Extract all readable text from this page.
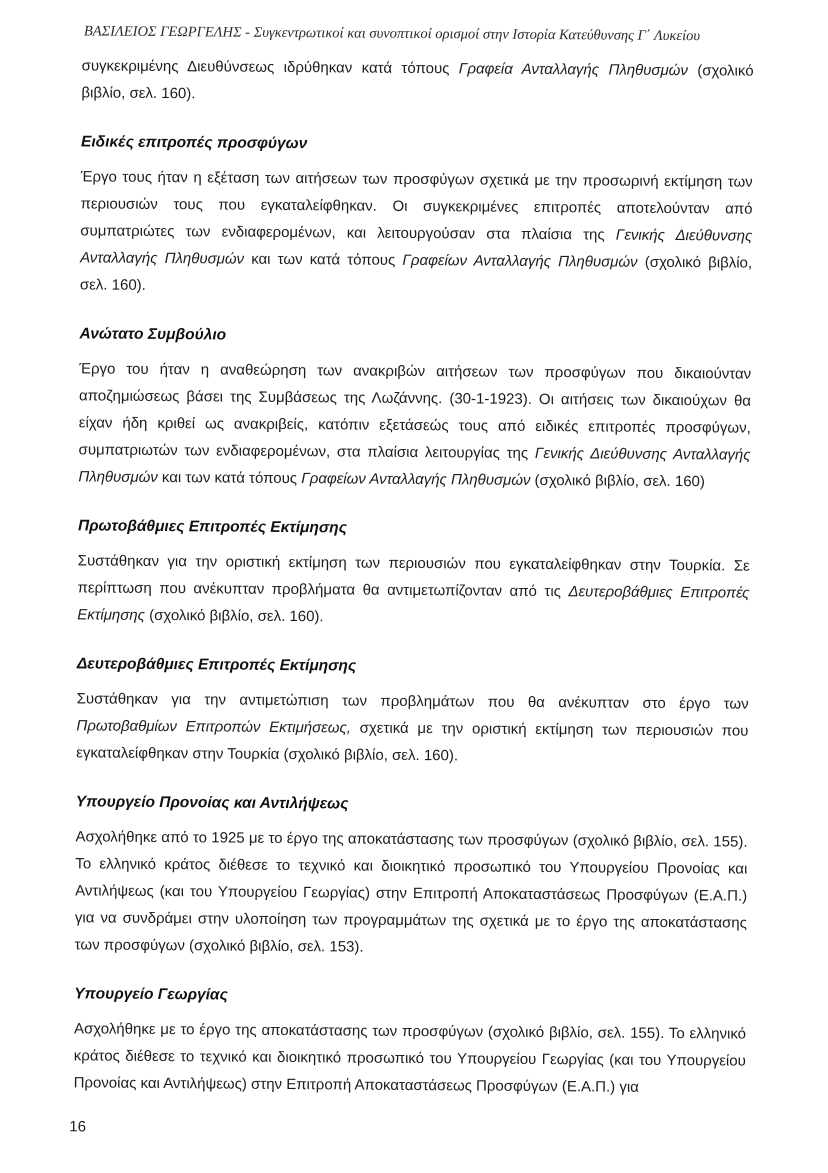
ΒΑΣΙΛΕΙΟΣ ΓΕΩΡΓΕΛΗΣ - Συγκεντρωτικοί και συνοπτικοί ορισμοί στην Ιστορία Κατεύθυνσης Γ΄ Λυκείου

συγκεκριμένης Διευθύνσεως ιδρύθηκαν κατά τόπους Γραφεία Ανταλλαγής Πληθυσμών (σχολικό βιβλίο, σελ. 160).

Ειδικές επιτροπές προσφύγων

Έργο τους ήταν η εξέταση των αιτήσεων των προσφύγων σχετικά με την προσωρινή εκτίμηση των περιουσιών τους που εγκαταλείφθηκαν. Οι συγκεκριμένες επιτροπές αποτελούνταν από συμπατριώτες των ενδιαφερομένων, και λειτουργούσαν στα πλαίσια της Γενικής Διεύθυνσης Ανταλλαγής Πληθυσμών και των κατά τόπους Γραφείων Ανταλλαγής Πληθυσμών (σχολικό βιβλίο, σελ. 160).

Ανώτατο Συμβούλιο

Έργο του ήταν η αναθεώρηση των ανακριβών αιτήσεων των προσφύγων που δικαιούνταν αποζημιώσεως βάσει της Συμβάσεως της Λωζάννης. (30-1-1923). Οι αιτήσεις των δικαιούχων θα είχαν ήδη κριθεί ως ανακριβείς, κατόπιν εξετάσεώς τους από ειδικές επιτροπές προσφύγων, συμπατριωτών των ενδιαφερομένων, στα πλαίσια λειτουργίας της Γενικής Διεύθυνσης Ανταλλαγής Πληθυσμών και των κατά τόπους Γραφείων Ανταλλαγής Πληθυσμών (σχολικό βιβλίο, σελ. 160)

Πρωτοβάθμιες Επιτροπές Εκτίμησης

Συστάθηκαν για την οριστική εκτίμηση των περιουσιών που εγκαταλείφθηκαν στην Τουρκία. Σε περίπτωση που ανέκυπταν προβλήματα θα αντιμετωπίζονταν από τις Δευτεροβάθμιες Επιτροπές Εκτίμησης (σχολικό βιβλίο, σελ. 160).

Δευτεροβάθμιες Επιτροπές Εκτίμησης

Συστάθηκαν για την αντιμετώπιση των προβλημάτων που θα ανέκυπταν στο έργο των Πρωτοβαθμίων Επιτροπών Εκτιμήσεως, σχετικά με την οριστική εκτίμηση των περιουσιών που εγκαταλείφθηκαν στην Τουρκία (σχολικό βιβλίο, σελ. 160).

Υπουργείο Προνοίας και Αντιλήψεως

Ασχολήθηκε από το 1925 με το έργο της αποκατάστασης των προσφύγων (σχολικό βιβλίο, σελ. 155). Το ελληνικό κράτος διέθεσε το τεχνικό και διοικητικό προσωπικό του Υπουργείου Προνοίας και Αντιλήψεως (και του Υπουργείου Γεωργίας) στην Επιτροπή Αποκαταστάσεως Προσφύγων (Ε.Α.Π.) για να συνδράμει στην υλοποίηση των προγραμμάτων της σχετικά με το έργο της αποκατάστασης των προσφύγων (σχολικό βιβλίο, σελ. 153).

Υπουργείο Γεωργίας

Ασχολήθηκε με το έργο της αποκατάστασης των προσφύγων (σχολικό βιβλίο, σελ. 155). Το ελληνικό κράτος διέθεσε το τεχνικό και διοικητικό προσωπικό του Υπουργείου Γεωργίας (και του Υπουργείου Προνοίας και Αντιλήψεως) στην Επιτροπή Αποκαταστάσεως Προσφύγων (Ε.Α.Π.) για

16
